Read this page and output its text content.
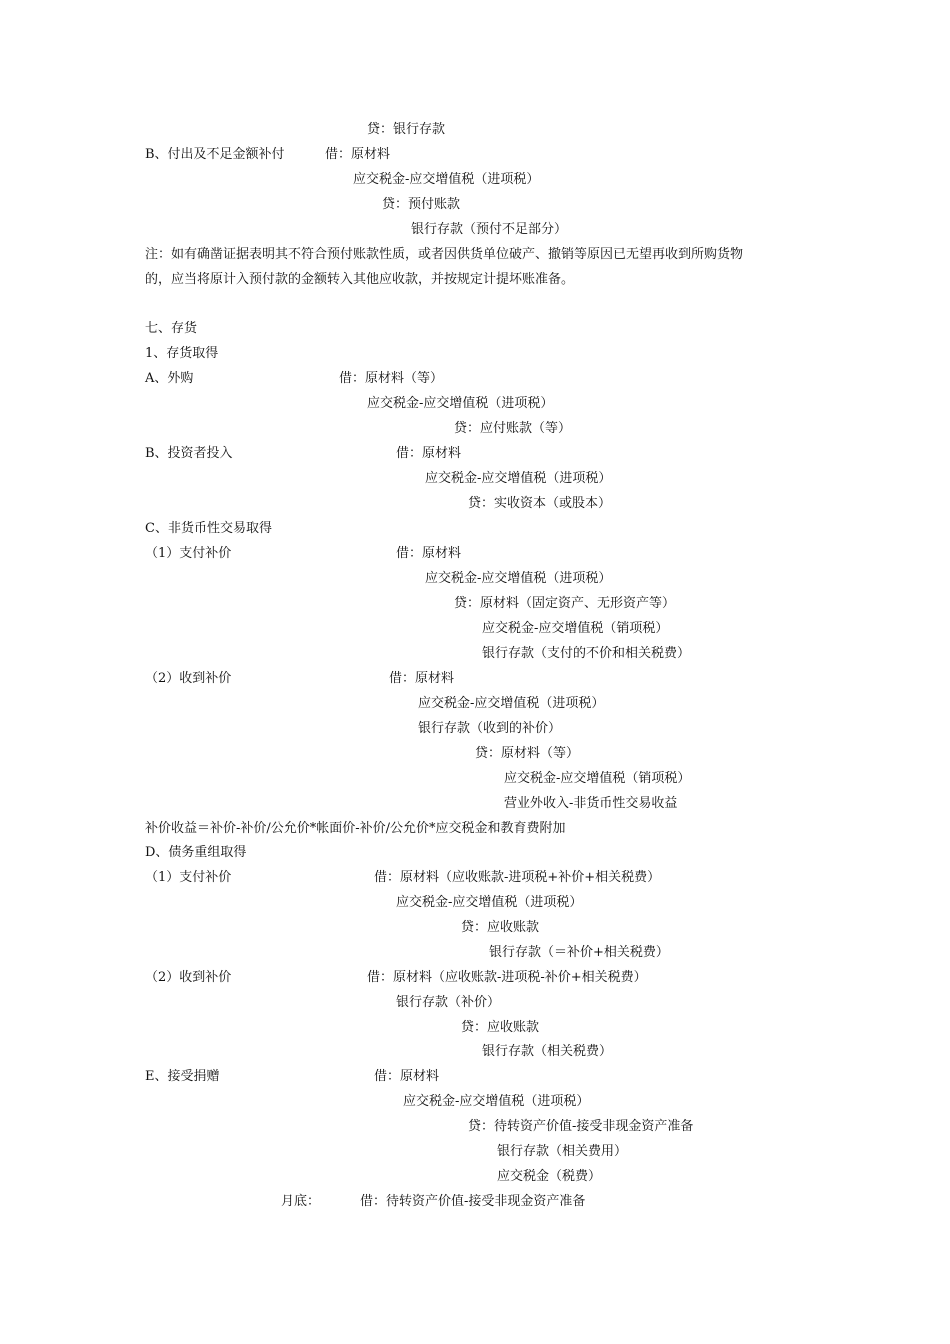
贷：银行存款
B、付出及不足金额补付	借：原材料
应交税金-应交增值税（进项税）
贷：预付账款
银行存款（预付不足部分）
注：如有确凿证据表明其不符合预付账款性质，或者因供货单位破产、撤销等原因已无望再收到所购货物
的，应当将原计入预付款的金额转入其他应收款，并按规定计提坏账准备。
七、存货
1、存货取得
A、外购	借：原材料（等）
应交税金-应交增值税（进项税）
贷：应付账款（等）
B、投资者投入	借：原材料
应交税金-应交增值税（进项税）
贷：实收资本（或股本）
C、非货币性交易取得
（1）支付补价	借：原材料
应交税金-应交增值税（进项税）
贷：原材料（固定资产、无形资产等）
应交税金-应交增值税（销项税）
银行存款（支付的不价和相关税费）
（2）收到补价	借：原材料
应交税金-应交增值税（进项税）
银行存款（收到的补价）
贷：原材料（等）
应交税金-应交增值税（销项税）
营业外收入-非货币性交易收益
补价收益＝补价-补价/公允价*帐面价-补价/公允价*应交税金和教育费附加
D、债务重组取得
（1）支付补价	借：原材料（应收账款-进项税+补价+相关税费）
应交税金-应交增值税（进项税）
贷：应收账款
银行存款（＝补价+相关税费）
（2）收到补价	借：原材料（应收账款-进项税-补价+相关税费）
银行存款（补价）
贷：应收账款
银行存款（相关税费）
E、接受捐赠	借：原材料
应交税金-应交增值税（进项税）
贷：待转资产价值-接受非现金资产准备
银行存款（相关费用）
应交税金（税费）
月底：	借：待转资产价值-接受非现金资产准备
